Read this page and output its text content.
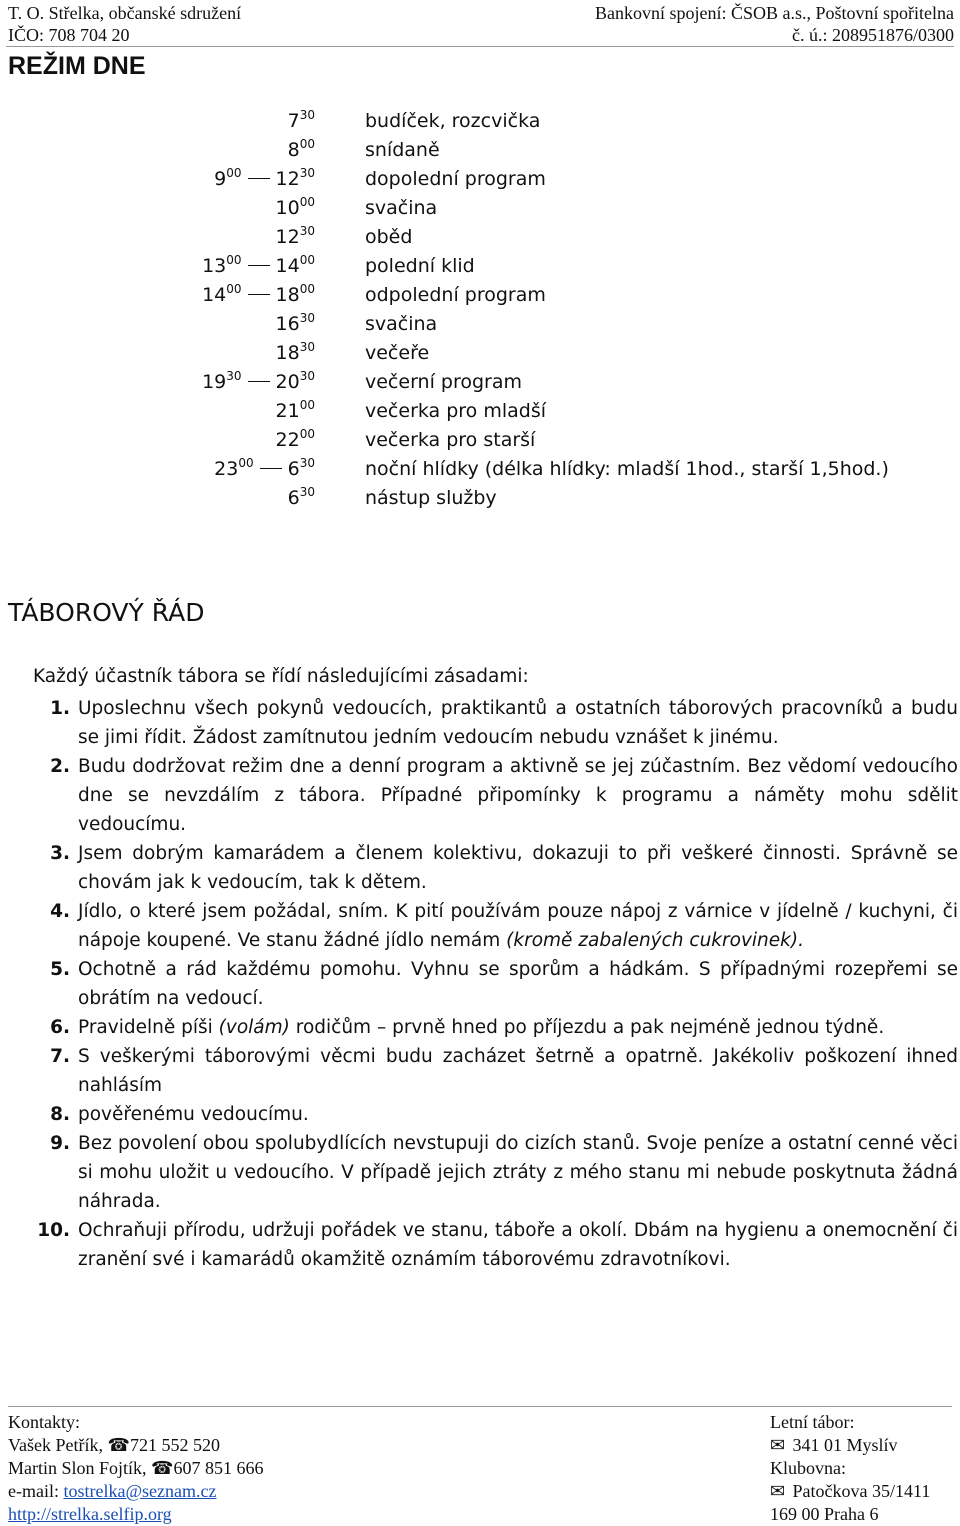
T. O. Střelka, občanské sdružení	Bankovní spojení: ČSOB a.s., Poštovní spořitelna
IČO: 708 704 20	č. ú.: 208951876/0300
REŽIM DNE
$7^{30}$	budíček, rozcvička
$8^{00}$	snídaně
$9^{00}$ $12^{30}$	dopolední program
$10^{00}$	svačina
$12^{30}$	oběd
$13^{00}$ $14^{00}$	polední klid
$14^{00}$ $18^{00}$	odpolední program
$16^{30}$	svačina
$18^{30}$	večeře
$19^{30}$ $20^{30}$	večerní program
$21^{00}$	večerka pro mladší
$22^{00}$	večerka pro starší
$23^{00}$ $6^{30}$	noční hlídky (délka hlídky: mladší 1hod., starší 1,5hod.)
$6^{30}$	nástup služby
TÁBOROVÝ ŘÁD
Každý účastník tábora se řídí následujícími zásadami:
1. Uposlechnu všech pokynů vedoucích, praktikantů a ostatních táborových pracovníků a budu se jimi řídit. Žádost zamítnutou jedním vedoucím nebudu vznášet k jinému.
2. Budu dodržovat režim dne a denní program a aktivně se jej zúčastním. Bez vědomí vedoucího dne se nevzdálím z tábora. Případné připomínky k programu a náměty mohu sdělit vedoucímu.
3. Jsem dobrým kamarádem a členem kolektivu, dokazuji to při veškeré činnosti. Správně se chovám jak k vedoucím, tak k dětem.
4. Jídlo, o které jsem požádal, sním. K pití používám pouze nápoj z várnice v jídelně / kuchyni, či nápoje koupené. Ve stanu žádné jídlo nemám (kromě zabalených cukrovinek).
5. Ochotně a rád každému pomohu. Vyhnu se sporům a hádkám. S případnými rozepřemi se obrátím na vedoucí.
6. Pravidelně píši (volám) rodičům – prvně hned po příjezdu a pak nejméně jednou týdně.
7. S veškerými táborovými věcmi budu zacházet šetrně a opatrně. Jakékoliv poškození ihned nahlásím
8. pověřenému vedoucímu.
9. Bez povolení obou spolubydlících nevstupuji do cizích stanů. Svoje peníze a ostatní cenné věci si mohu uložit u vedoucího. V případě jejich ztráty z mého stanu mi nebude poskytnuta žádná náhrada.
10. Ochraňuji přírodu, udržuji pořádek ve stanu, táboře a okolí. Dbám na hygienu a onemocnění či zranění své i kamarádů okamžitě oznámím táborovému zdravotníkovi.
Kontakty:
Vašek Petřík, ☎ 721 552 520
Martin Slon Fojtík, ☎ 607 851 666
e-mail: tostrelka@seznam.cz
http://strelka.selfip.org
Letní tábor:
✉ 341 01 Myslív
Klubovna:
✉ Patočkova 35/1411
169 00 Praha 6
